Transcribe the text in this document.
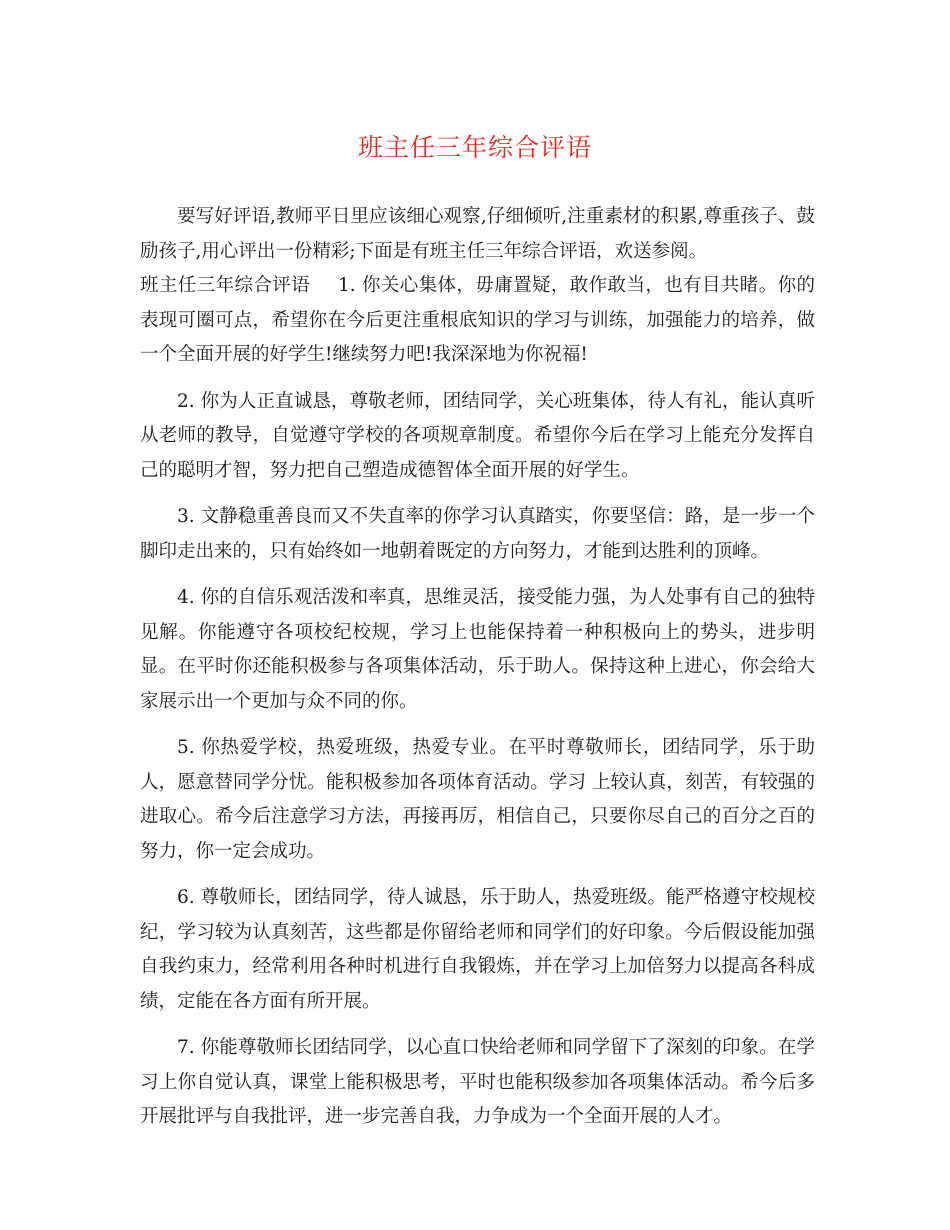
班主任三年综合评语

要写好评语,教师平日里应该细心观察,仔细倾听,注重素材的积累,尊重孩子、鼓励孩子,用心评出一份精彩;下面是有班主任三年综合评语，欢送参阅。

班主任三年综合评语 1. 你关心集体，毋庸置疑，敢作敢当，也有目共睹。你的表现可圈可点，希望你在今后更注重根底知识的学习与训练，加强能力的培养，做一个全面开展的好学生!继续努力吧!我深深地为你祝福!

2. 你为人正直诚恳，尊敬老师，团结同学，关心班集体，待人有礼，能认真听从老师的教导，自觉遵守学校的各项规章制度。希望你今后在学习上能充分发挥自己的聪明才智，努力把自己塑造成德智体全面开展的好学生。

3. 文静稳重善良而又不失直率的你学习认真踏实，你要坚信：路，是一步一个脚印走出来的，只有始终如一地朝着既定的方向努力，才能到达胜利的顶峰。

4. 你的自信乐观活泼和率真，思维灵活，接受能力强，为人处事有自己的独特见解。你能遵守各项校纪校规，学习上也能保持着一种积极向上的势头，进步明显。在平时你还能积极参与各项集体活动，乐于助人。保持这种上进心，你会给大家展示出一个更加与众不同的你。

5. 你热爱学校，热爱班级，热爱专业。在平时尊敬师长，团结同学，乐于助人，愿意替同学分忧。能积极参加各项体育活动。学习 上较认真，刻苦，有较强的进取心。希今后注意学习方法，再接再厉，相信自己，只要你尽自己的百分之百的努力，你一定会成功。

6. 尊敬师长，团结同学，待人诚恳，乐于助人，热爱班级。能严格遵守校规校纪，学习较为认真刻苦，这些都是你留给老师和同学们的好印象。今后假设能加强自我约束力，经常利用各种时机进行自我锻炼，并在学习上加倍努力以提高各科成绩，定能在各方面有所开展。

7. 你能尊敬师长团结同学，以心直口快给老师和同学留下了深刻的印象。在学习上你自觉认真，课堂上能积极思考，平时也能积级参加各项集体活动。希今后多开展批评与自我批评，进一步完善自我，力争成为一个全面开展的人才。
